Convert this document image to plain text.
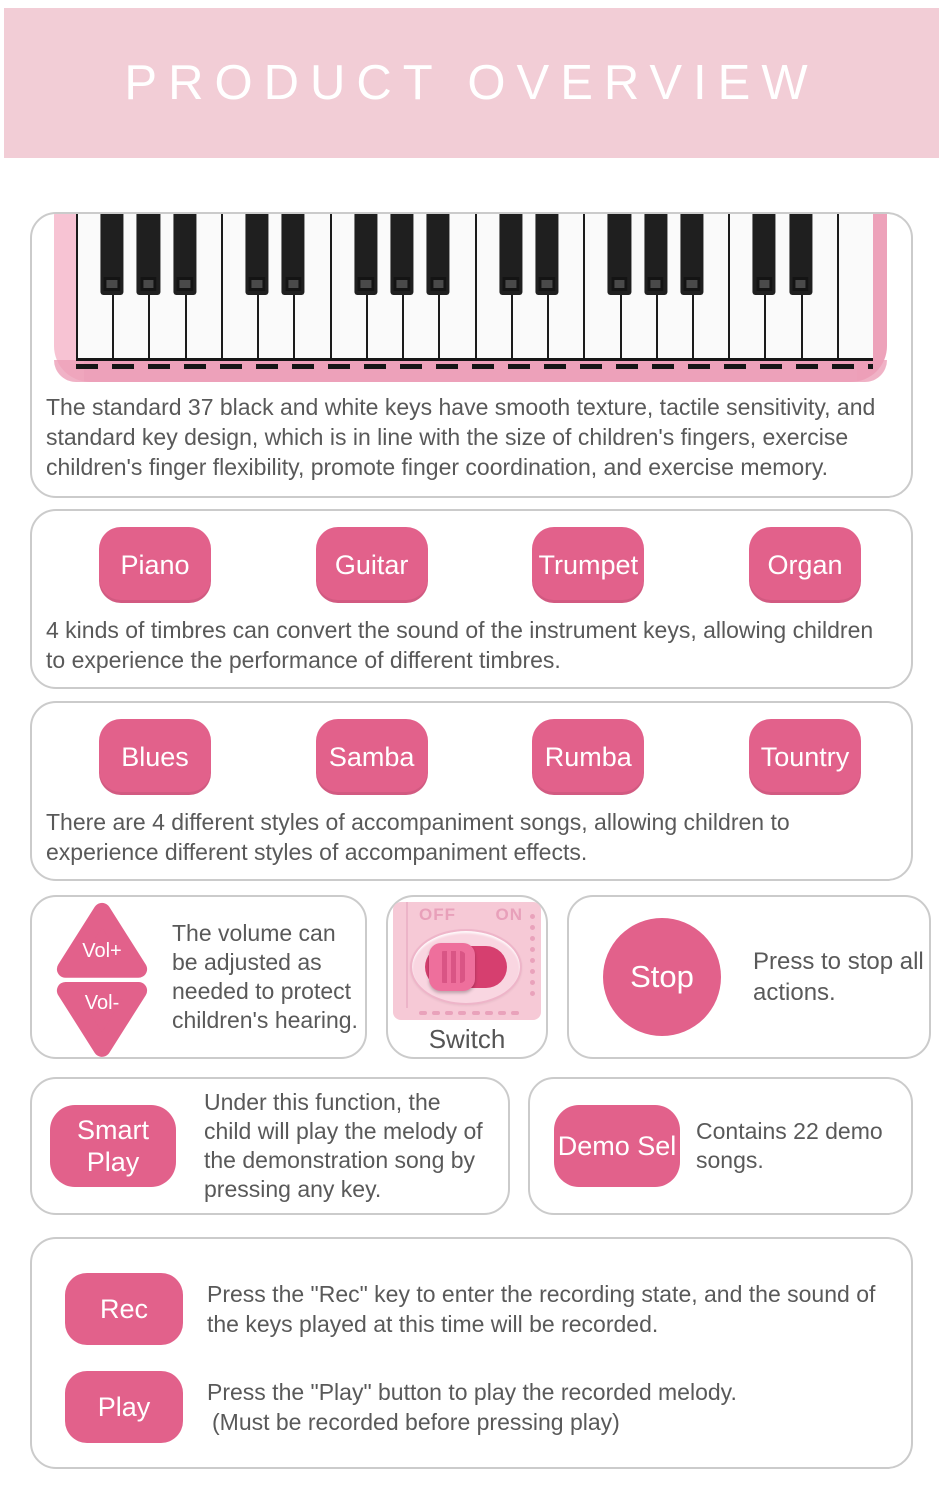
PRODUCT OVERVIEW
The standard 37 black and white keys have smooth texture, tactile sensitivity, and standard key design, which is in line with the size of children's fingers, exercise children's finger flexibility, promote finger coordination, and exercise memory.
Piano	Guitar	Trumpet	Organ
4 kinds of timbres can convert the sound of the instrument keys, allowing children to experience the performance of different timbres.
Blues	Samba	Rumba	Tountry
There are 4 different styles of accompaniment songs, allowing children to experience different styles of accompaniment effects.
Vol+
Vol-
The volume can be adjusted as needed to protect children's hearing.
OFF ON
Switch
Stop	Press to stop all actions.
Smart Play
Under this function, the child will play the melody of the demonstration song by pressing any key.
Demo Sel Contains 22 demo songs.
Rec	Press the "Rec" key to enter the recording state, and the sound of the keys played at this time will be recorded.
Play	Press the "Play" button to play the recorded melody.
(Must be recorded before pressing play)
